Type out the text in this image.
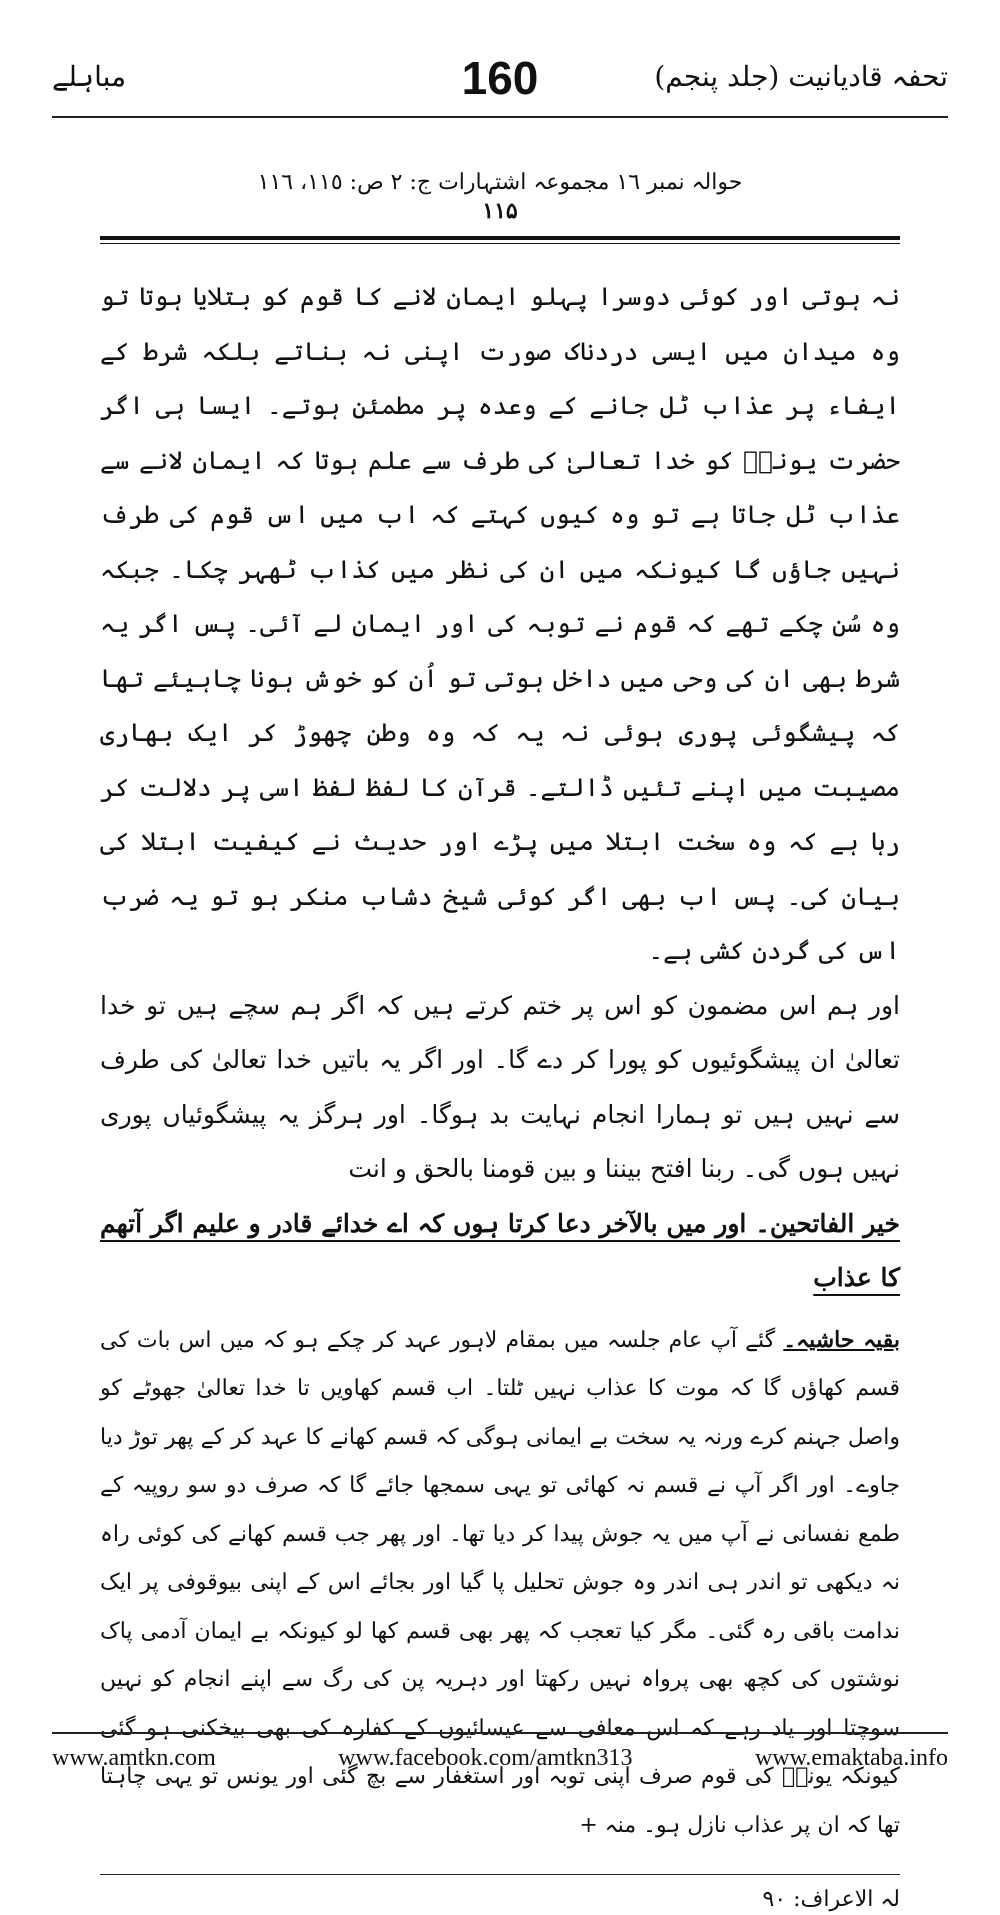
مباہلے	160	تحفہ قادیانیت (جلد پنجم)

حوالہ نمبر ١٦ مجموعہ اشتہارات ج: ٢ ص: ١١٥، ١١٦

۱۱۵

نہ ہوتی اور کوئی دوسرا پہلو ایمان لانے کا قوم کو بتلایا ہوتا تو وہ میدان میں ایسی دردناک صورت اپنی نہ بناتے بلکہ شرط کے ایفاء پر عذاب ٹل جانے کے وعدہ پر مطمئن ہوتے۔ ایسا ہی اگر حضرت یونسؑ کو خدا تعالیٰ کی طرف سے علم ہوتا کہ ایمان لانے سے عذاب ٹل جاتا ہے تو وہ کیوں کہتے کہ اب میں اس قوم کی طرف نہیں جاؤں گا کیونکہ میں ان کی نظر میں کذاب ٹھہر چکا۔ جبکہ وہ سُن چکے تھے کہ قوم نے توبہ کی اور ایمان لے آئی۔ پس اگر یہ شرط بھی ان کی وحی میں داخل ہوتی تو اُن کو خوش ہونا چاہیئے تھا کہ پیشگوئی پوری ہوئی نہ یہ کہ وہ وطن چھوڑ کر ایک بھاری مصیبت میں اپنے تئیں ڈالتے۔ قرآن کا لفظ لفظ اسی پر دلالت کر رہا ہے کہ وہ سخت ابتلا میں پڑے اور حدیث نے کیفیت ابتلا کی بیان کی۔ پس اب بھی اگر کوئی شیخ دشاب منکر ہو تو یہ ضرب اس کی گردن کشی ہے۔

اور ہم اس مضمون کو اس پر ختم کرتے ہیں کہ اگر ہم سچے ہیں تو خدا تعالیٰ ان پیشگوئیوں کو پورا کر دے گا۔ اور اگر یہ باتیں خدا تعالیٰ کی طرف سے نہیں ہیں تو ہمارا انجام نہایت بد ہوگا۔ اور ہرگز یہ پیشگوئیاں پوری نہیں ہوں گی۔ ربنا افتح بیننا و بین قومنا بالحق و انت

خیر الفاتحین۔ اور میں بالآخر دعا کرتا ہوں کہ اے خدائے قادر و علیم اگر آتھم کا عذاب

بقیہ حاشیہ۔ گئے آپ عام جلسہ میں بمقام لاہور عہد کر چکے ہو کہ میں اس بات کی قسم کھاؤں گا کہ موت کا عذاب نہیں ٹلتا۔ اب قسم کھاویں تا خدا تعالیٰ جھوٹے کو واصل جہنم کرے ورنہ یہ سخت بے ایمانی ہوگی کہ قسم کھانے کا عہد کر کے پھر توڑ دیا جاوے۔ اور اگر آپ نے قسم نہ کھائی تو یہی سمجھا جائے گا کہ صرف دو سو روپیہ کے طمع نفسانی نے آپ میں یہ جوش پیدا کر دیا تھا۔ اور پھر جب قسم کھانے کی کوئی راہ نہ دیکھی تو اندر ہی اندر وہ جوش تحلیل پا گیا اور بجائے اس کے اپنی بیوقوفی پر ایک ندامت باقی رہ گئی۔ مگر کیا تعجب کہ پھر بھی قسم کھا لو کیونکہ بے ایمان آدمی پاک نوشتوں کی کچھ بھی پرواہ نہیں رکھتا اور دہریہ پن کی رگ سے اپنے انجام کو نہیں سوچتا اور یاد رہے کہ اس معافی سے عیسائیوں کے کفارہ کی بھی بیخکنی ہو گئی کیونکہ یونسؑ کی قوم صرف اپنی توبہ اور استغفار سے بچ گئی اور یونس تو یہی چاہتا تھا کہ ان پر عذاب نازل ہو۔ منہ +

لہ الاعراف: ٩٠
www.amtkn.com	www.facebook.com/amtkn313	www.emaktaba.info
